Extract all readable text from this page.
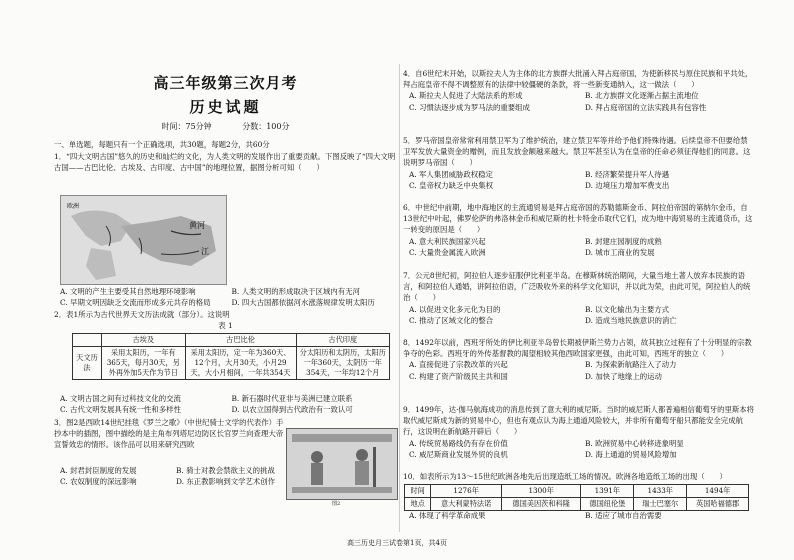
高三年级第三次月考
历史试题
时间：75分钟	分数：100分

一、单选题，每题只有一个正确选项，共30题，每题2分，共60分

1．“四大文明古国”悠久的历史和灿烂的文化，为人类文明的发展作出了重要贡献。下图反映了“四大文明古国——古巴比伦、古埃及、古印度、古中国”的地理位置，据图分析可知（　　）

欧洲
黄河
江

A. 文明的产生主要受其自然地理环境影响	B. 人类文明的形成取决于区域内有无河

C. 早期文明因缺乏交流而形成多元共存的格局	D. 四大古国都依据河水涨落规律发明太阳历

2．表1所示为古代世界天文历法成就（部分）。这说明

表 1

	古埃及	古巴比伦	古代印度
天文历法	采用太阳历，一年有365天，每月30天，另外再外加5天作为节日	采用太阳历，定一年为360天、12个月，大月30天，小月29天，大小月相间，一年共354天	分太阳历和太阴历，太阳历一年360天，太阴历一年354天，一年均12个月

A. 文明古国之间有过科技文化的交流	B. 新石器时代亚非与美洲已建立联系

C. 古代文明发展具有统一性和多样性	D. 以农立国得到古代政治有一致认可

3．图2是西欧14世纪挂毯《罗兰之歌》（中世纪骑士文学的代表作）手抄本中的插图，图中描绘的是主角布列塔尼边防区长官罗兰向查理大帝宣誓效忠的情形。该作品可以用来研究西欧

图2

A. 封君封臣制度的发展	B. 骑士对教会禁欲主义的挑战

C. 农奴制度的深远影响	D. 东正教影响到文学艺术创作

4．自6世纪末开始，以斯拉夫人为主体的北方族群大批涌入拜占庭帝国，为使新移民与原住民族和平共处，拜占庭皇帝不得不调整原有的法律中较僵硬的条款，将一些新变通纳入，这一做法（　　）

A. 斯拉夫人促进了大陆法系的形成	B. 北方族群文化逐渐占据主流地位

C. 习惯法逐步成为罗马法的重要组成	D. 拜占庭帝国的立法实践具有包容性

5．罗马帝国皇帝常常利用禁卫军为了维护统治，建立禁卫军等并给予他们特殊待遇。后续皇帝不但要给禁卫军发放大量资金的赠例，而且发放金额越来越大。禁卫军甚至认为在皇帝的任命必须征得他们的同意。这说明罗马帝国（　　）

A. 军人集团威胁政权稳定	B. 经济繁荣提升军人待遇

C. 皇帝权力缺乏中央集权	D. 边境压力增加军费支出

6．中世纪中前期，地中海地区的主流通贸易是拜占庭帝国的苏勒德斯金币、阿拉伯帝国的第纳尔金币，自13世纪中叶起，佛罗伦萨的弗洛林金币和威尼斯的杜卡特金币取代它们，成为地中海贸易的主流通货币，这一转变的原因是（　　）

A. 意大利民族国家兴起	B. 封建庄园制度的成熟

C. 大量贵金属流入欧洲	D. 城市工商业的发展

7．公元8世纪初，阿拉伯人逐步征服伊比利亚半岛。在穆斯林统治期间，大量当地土著人放弃本民族的语言，和阿拉伯人通婚，讲阿拉伯语，广泛吸收外来的科学文化知识，并以此为荣，由此可见，阿拉伯人的统治（　　）

A. 以促进文化多元化为目的	B. 以文化输出为主要方式

C. 推动了区域文化的整合	D. 造成当地民族意识的消亡

8．1492年以前，西班牙所处的伊比利亚半岛曾长期被伊斯兰势力占领，故其独立过程有了十分明显的宗教争夺的色彩。西班牙的外传基督教的渴望相较其他西欧国家更强，由此可知，西班牙的独立（　　）

A. 直接促进了宗教改革的兴起	B. 为探索新航路注入了动力

C. 构建了资产阶级民主共和国	D. 加快了地缘上的运动

9．1499年，达·伽马航海成功的消息传到了意大利的威尼斯。当时的威尼斯人都普遍相信葡萄牙的里斯本将取代威尼斯成为新的贸易中心，但也有观点认为海上通道风险较大，并非所有葡萄牙船只都能安全完成航行，这说明在新航路开辟后（　　）

A. 传统贸易路线仍有存在价值	B. 欧洲贸易中心转移迹象明显

C. 威尼斯商业发展外贸的良机	D. 海上通道的贸易风险增加

10．如表所示为13～15世纪欧洲各地先后出现造纸工场的情况。欧洲各地造纸工场的出现（　　）

时间	1276年	1300年	1391年	1433年	1494年
地点	意大利蒙特法诺	德国美因茨和科隆	德国纽伦堡	瑞士巴塞尔	英国哈福德郡

A. 体现了科学革命成果	B. 适应了城市自治需要

高三历史月三试卷第1页，共4页
